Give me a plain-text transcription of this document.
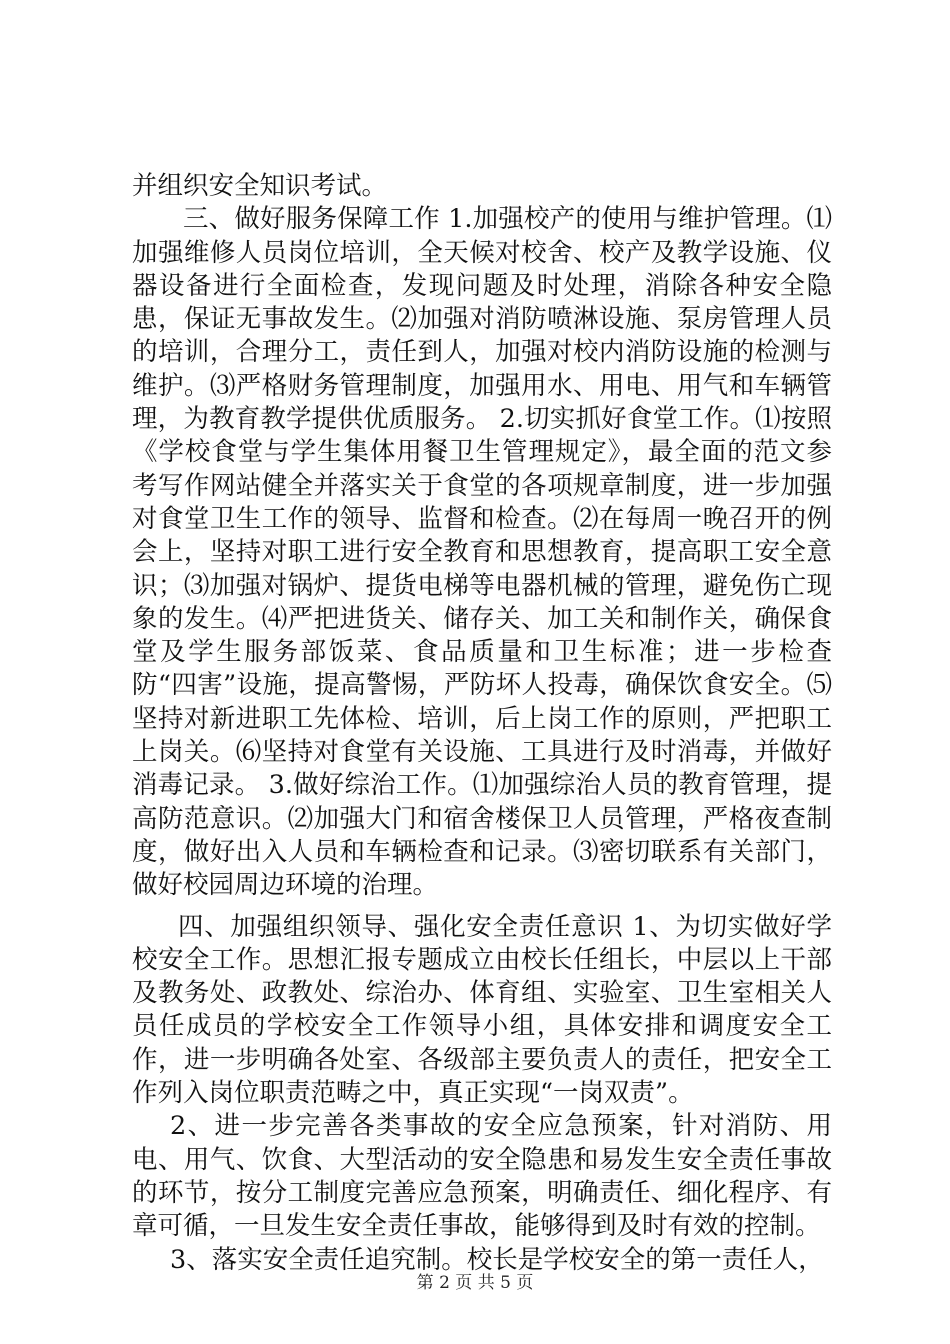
并组织安全知识考试。

三、做好服务保障工作 1.加强校产的使用与维护管理。⑴加强维修人员岗位培训，全天候对校舍、校产及教学设施、仪器设备进行全面检查，发现问题及时处理，消除各种安全隐患，保证无事故发生。⑵加强对消防喷淋设施、泵房管理人员的培训，合理分工，责任到人，加强对校内消防设施的检测与维护。⑶严格财务管理制度，加强用水、用电、用气和车辆管理，为教育教学提供优质服务。 2.切实抓好食堂工作。⑴按照《学校食堂与学生集体用餐卫生管理规定》，最全面的范文参考写作网站健全并落实关于食堂的各项规章制度，进一步加强对食堂卫生工作的领导、监督和检查。⑵在每周一晚召开的例会上，坚持对职工进行安全教育和思想教育，提高职工安全意识；⑶加强对锅炉、提货电梯等电器机械的管理，避免伤亡现象的发生。⑷严把进货关、储存关、加工关和制作关，确保食堂及学生服务部饭菜、食品质量和卫生标准；进一步检查防“四害”设施，提高警惕，严防坏人投毒，确保饮食安全。⑸坚持对新进职工先体检、培训，后上岗工作的原则，严把职工上岗关。⑹坚持对食堂有关设施、工具进行及时消毒，并做好消毒记录。 3.做好综治工作。⑴加强综治人员的教育管理，提高防范意识。⑵加强大门和宿舍楼保卫人员管理，严格夜查制度，做好出入人员和车辆检查和记录。⑶密切联系有关部门，做好校园周边环境的治理。

四、加强组织领导、强化安全责任意识 1、为切实做好学校安全工作。思想汇报专题成立由校长任组长，中层以上干部及教务处、政教处、综治办、体育组、实验室、卫生室相关人员任成员的学校安全工作领导小组，具体安排和调度安全工作，进一步明确各处室、各级部主要负责人的责任，把安全工作列入岗位职责范畴之中，真正实现“一岗双责”。

2、进一步完善各类事故的安全应急预案，针对消防、用电、用气、饮食、大型活动的安全隐患和易发生安全责任事故的环节，按分工制度完善应急预案，明确责任、细化程序、有章可循，一旦发生安全责任事故，能够得到及时有效的控制。

3、落实安全责任追究制。校长是学校安全的第一责任人，

第 2 页 共 5 页
